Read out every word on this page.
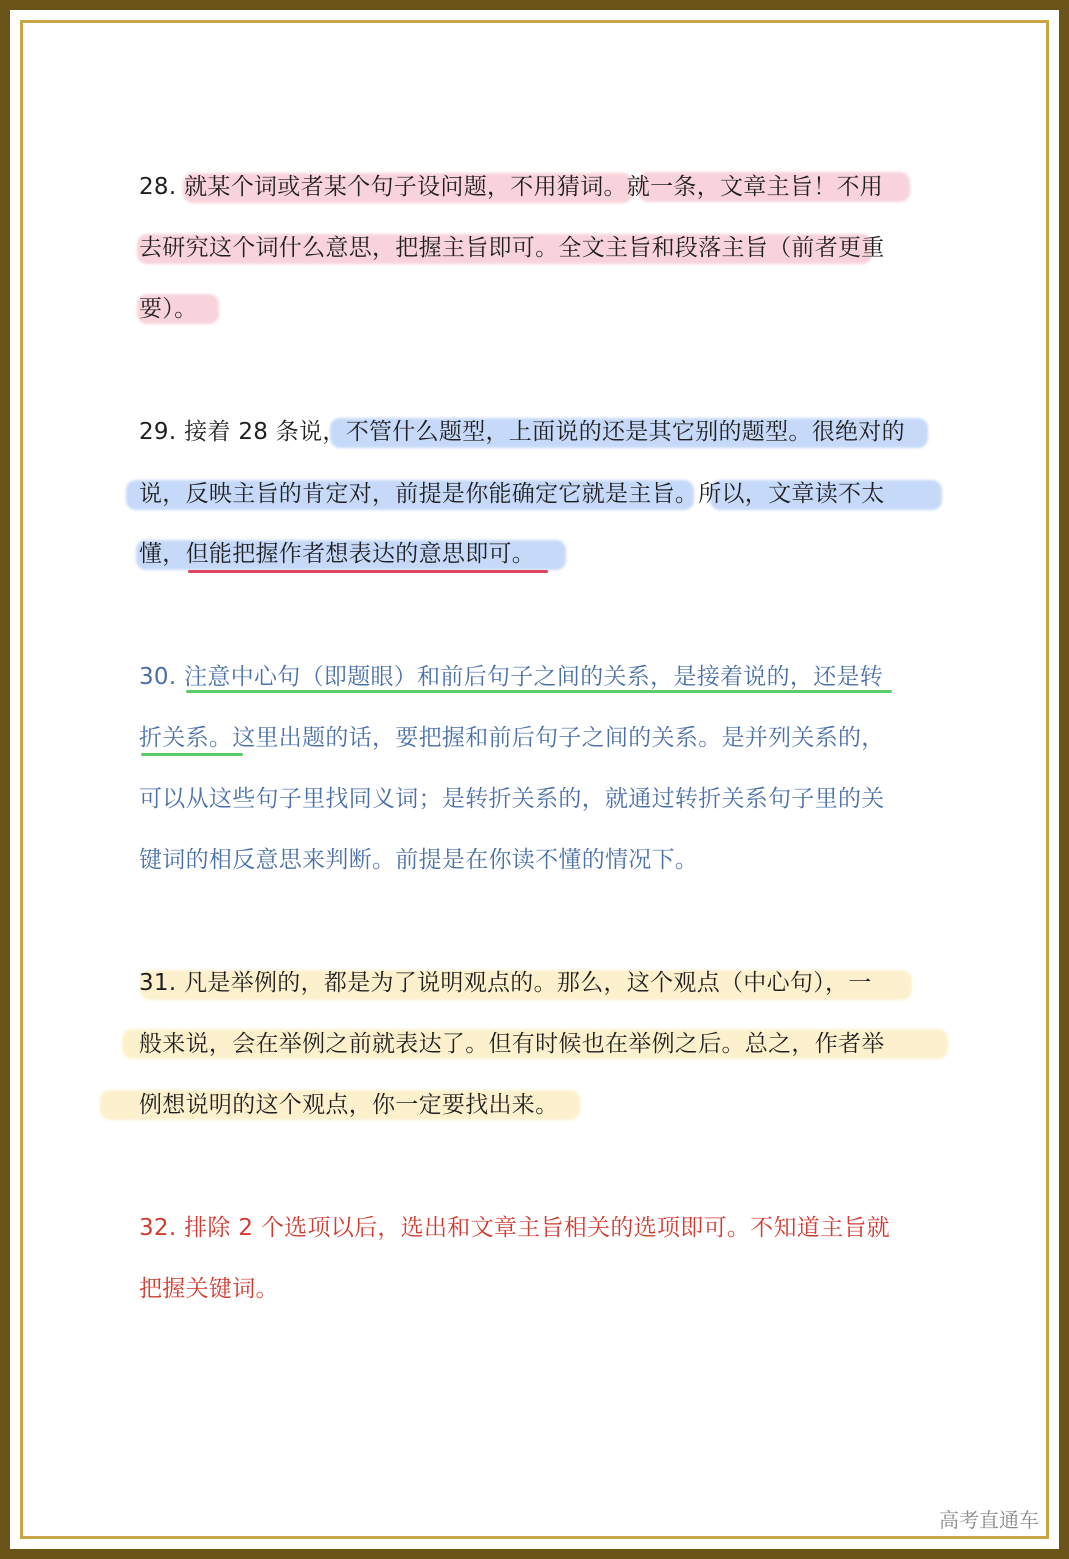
28. 就某个词或者某个句子设问题，不用猜词。就一条，文章主旨！不用
去研究这个词什么意思，把握主旨即可。全文主旨和段落主旨（前者更重
要）。
29. 接着 28 条说，不管什么题型，上面说的还是其它别的题型。很绝对的
说，反映主旨的肯定对，前提是你能确定它就是主旨。所以，文章读不太
懂，但能把握作者想表达的意思即可。
30. 注意中心句（即题眼）和前后句子之间的关系，是接着说的，还是转
折关系。这里出题的话，要把握和前后句子之间的关系。是并列关系的，
可以从这些句子里找同义词；是转折关系的，就通过转折关系句子里的关
键词的相反意思来判断。前提是在你读不懂的情况下。
31. 凡是举例的，都是为了说明观点的。那么，这个观点（中心句），一
般来说，会在举例之前就表达了。但有时候也在举例之后。总之，作者举
例想说明的这个观点，你一定要找出来。
32. 排除 2 个选项以后，选出和文章主旨相关的选项即可。不知道主旨就
把握关键词。
高考直通车
